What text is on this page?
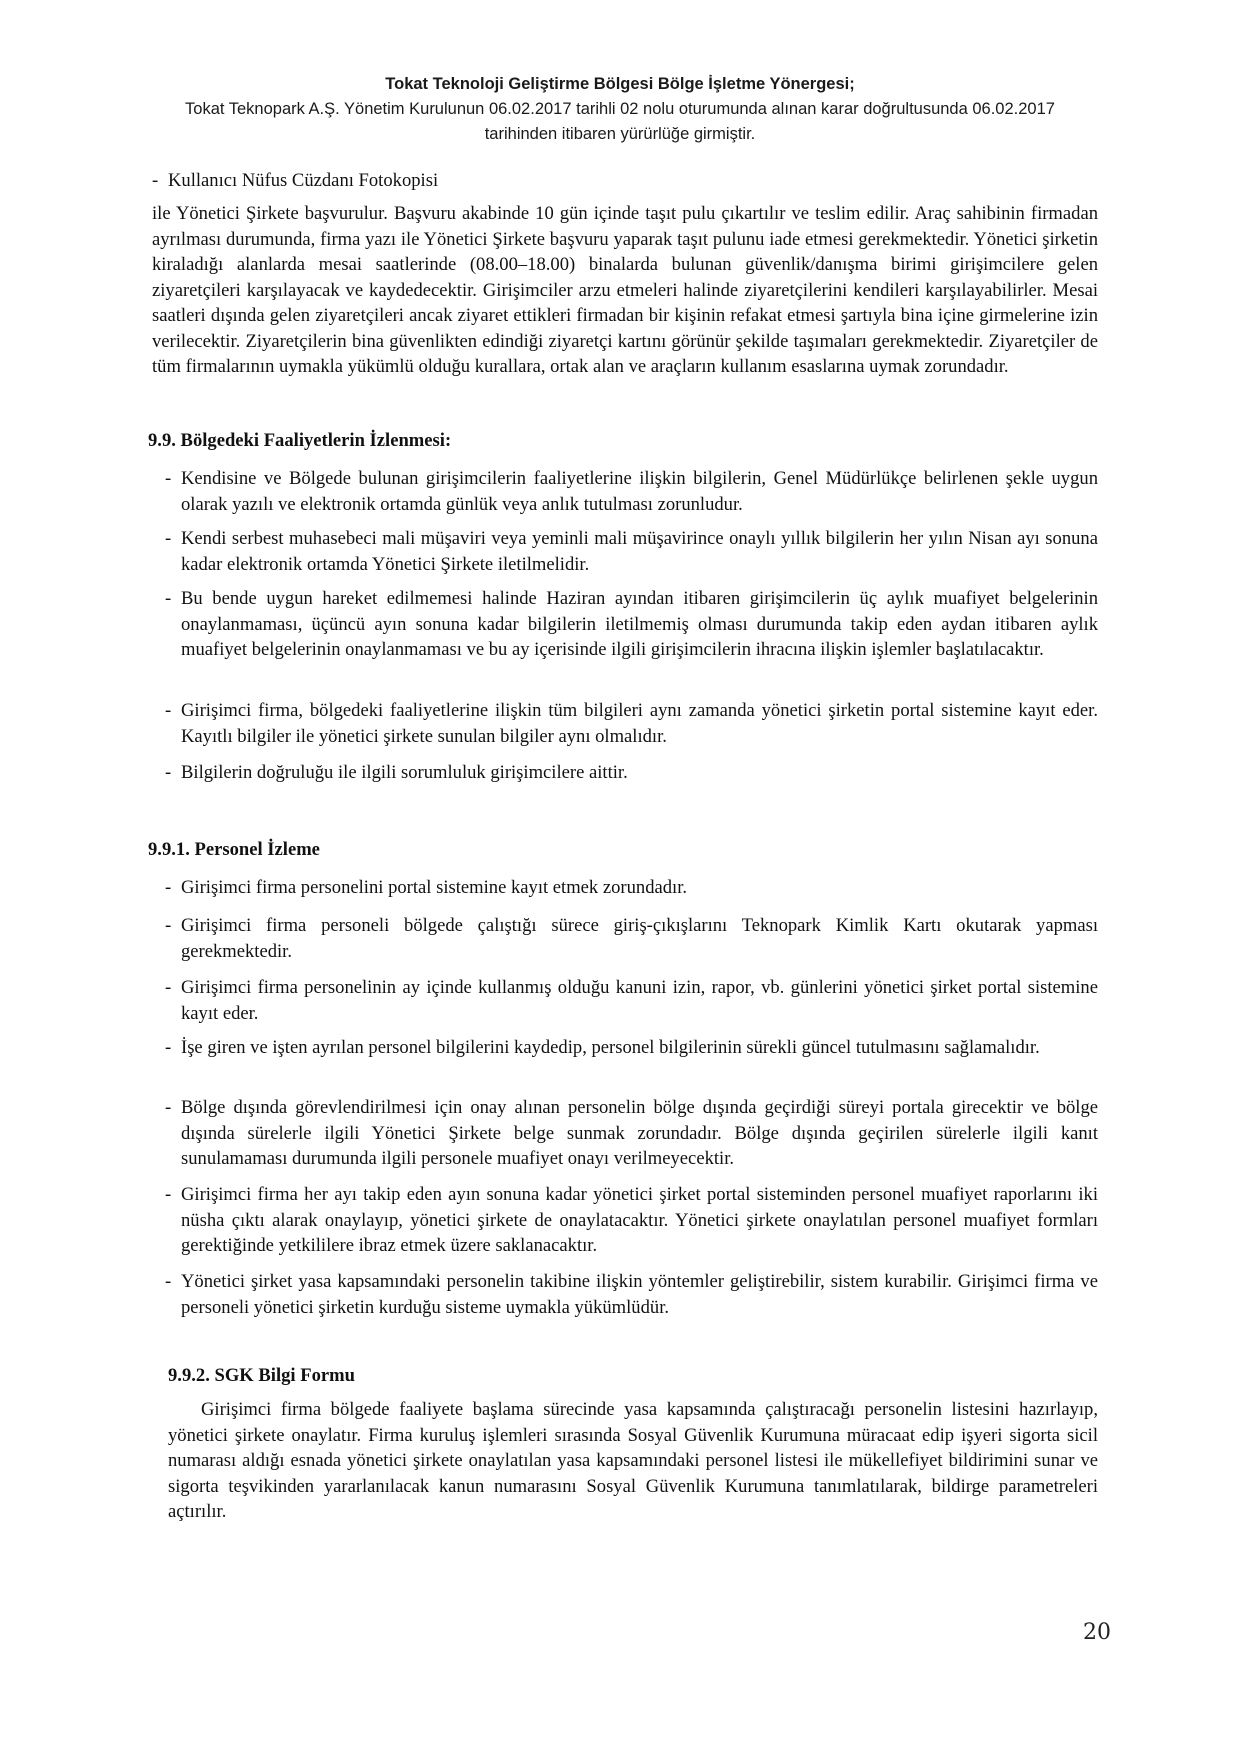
Tokat Teknoloji Geliştirme Bölgesi Bölge İşletme Yönergesi;
Tokat Teknopark A.Ş. Yönetim Kurulunun 06.02.2017 tarihli 02 nolu oturumunda alınan karar doğrultusunda 06.02.2017
tarihinden itibaren yürürlüğe girmiştir.
- Kullanıcı Nüfus Cüzdanı Fotokopisi
ile Yönetici Şirkete başvurulur. Başvuru akabinde 10 gün içinde taşıt pulu çıkartılır ve teslim edilir. Araç sahibinin firmadan ayrılması durumunda, firma yazı ile Yönetici Şirkete başvuru yaparak taşıt pulunu iade etmesi gerekmektedir. Yönetici şirketin kiraladığı alanlarda mesai saatlerinde (08.00–18.00) binalarda bulunan güvenlik/danışma birimi girişimcilere gelen ziyaretçileri karşılayacak ve kaydedecektir. Girişimciler arzu etmeleri halinde ziyaretçilerini kendileri karşılayabilirler. Mesai saatleri dışında gelen ziyaretçileri ancak ziyaret ettikleri firmadan bir kişinin refakat etmesi şartıyla bina içine girmelerine izin verilecektir. Ziyaretçilerin bina güvenlikten edindiği ziyaretçi kartını görünür şekilde taşımaları gerekmektedir. Ziyaretçiler de tüm firmalarının uymakla yükümlü olduğu kurallara, ortak alan ve araçların kullanım esaslarına uymak zorundadır.
9.9. Bölgedeki Faaliyetlerin İzlenmesi:
- Kendisine ve Bölgede bulunan girişimcilerin faaliyetlerine ilişkin bilgilerin, Genel Müdürlükçe belirlenen şekle uygun olarak yazılı ve elektronik ortamda günlük veya anlık tutulması zorunludur.
- Kendi serbest muhasebeci mali müşaviri veya yeminli mali müşavirince onaylı yıllık bilgilerin her yılın Nisan ayı sonuna kadar elektronik ortamda Yönetici Şirkete iletilmelidir.
- Bu bende uygun hareket edilmemesi halinde Haziran ayından itibaren girişimcilerin üç aylık muafiyet belgelerinin onaylanmaması, üçüncü ayın sonuna kadar bilgilerin iletilmemiş olması durumunda takip eden aydan itibaren aylık muafiyet belgelerinin onaylanmaması ve bu ay içerisinde ilgili girişimcilerin ihracına ilişkin işlemler başlatılacaktır.
- Girişimci firma, bölgedeki faaliyetlerine ilişkin tüm bilgileri aynı zamanda yönetici şirketin portal sistemine kayıt eder. Kayıtlı bilgiler ile yönetici şirkete sunulan bilgiler aynı olmalıdır.
- Bilgilerin doğruluğu ile ilgili sorumluluk girişimcilere aittir.
9.9.1. Personel İzleme
- Girişimci firma personelini portal sistemine kayıt etmek zorundadır.
- Girişimci firma personeli bölgede çalıştığı sürece giriş-çıkışlarını Teknopark Kimlik Kartı okutarak yapması gerekmektedir.
- Girişimci firma personelinin ay içinde kullanmış olduğu kanuni izin, rapor, vb. günlerini yönetici şirket portal sistemine kayıt eder.
- İşe giren ve işten ayrılan personel bilgilerini kaydedip, personel bilgilerinin sürekli güncel tutulmasını sağlamalıdır.
- Bölge dışında görevlendirilmesi için onay alınan personelin bölge dışında geçirdiği süreyi portala girecektir ve bölge dışında sürelerle ilgili Yönetici Şirkete belge sunmak zorundadır. Bölge dışında geçirilen sürelerle ilgili kanıt sunulamaması durumunda ilgili personele muafiyet onayı verilmeyecektir.
- Girişimci firma her ayı takip eden ayın sonuna kadar yönetici şirket portal sisteminden personel muafiyet raporlarını iki nüsha çıktı alarak onaylayıp, yönetici şirkete de onaylatacaktır. Yönetici şirkete onaylatılan personel muafiyet formları gerektiğinde yetkililere ibraz etmek üzere saklanacaktır.
- Yönetici şirket yasa kapsamındaki personelin takibine ilişkin yöntemler geliştirebilir, sistem kurabilir. Girişimci firma ve personeli yönetici şirketin kurduğu sisteme uymakla yükümlüdür.
9.9.2. SGK Bilgi Formu
Girişimci firma bölgede faaliyete başlama sürecinde yasa kapsamında çalıştıracağı personelin listesini hazırlayıp, yönetici şirkete onaylatır. Firma kuruluş işlemleri sırasında Sosyal Güvenlik Kurumuna müracaat edip işyeri sigorta sicil numarası aldığı esnada yönetici şirkete onaylatılan yasa kapsamındaki personel listesi ile mükellefiyet bildirimini sunar ve sigorta teşvikinden yararlanılacak kanun numarasını Sosyal Güvenlik Kurumuna tanımlatılarak, bildirge parametreleri açtırılır.
20
